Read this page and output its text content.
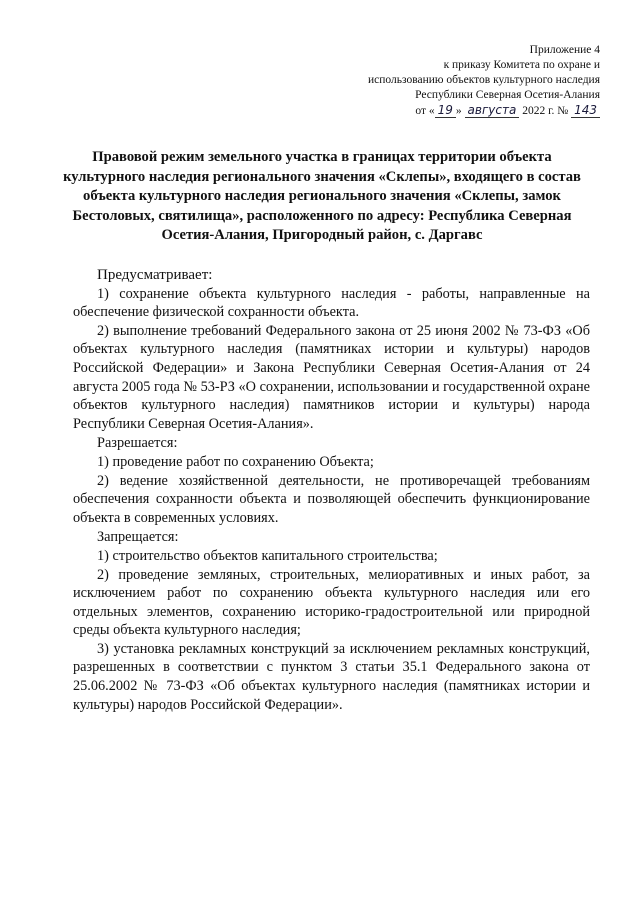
Приложение 4
к приказу Комитета по охране и
использованию объектов культурного наследия
Республики Северная Осетия-Алания
от « 19 » августа 2022 г. № 143
Правовой режим земельного участка в границах территории объекта культурного наследия регионального значения «Склепы», входящего в состав объекта культурного наследия регионального значения «Склепы, замок Бестоловых, святилища», расположенного по адресу: Республика Северная Осетия-Алания, Пригородный район, с. Даргавс

Предусматривает:

1) сохранение объекта культурного наследия - работы, направленные на обеспечение физической сохранности объекта.

2) выполнение требований Федерального закона от 25 июня 2002 № 73-ФЗ «Об объектах культурного наследия (памятниках истории и культуры) народов Российской Федерации» и Закона Республики Северная Осетия-Алания от 24 августа 2005 года № 53-РЗ «О сохранении, использовании и государственной охране объектов культурного наследия) памятников истории и культуры) народа Республики Северная Осетия-Алания».

Разрешается:

1) проведение работ по сохранению Объекта;

2) ведение хозяйственной деятельности, не противоречащей требованиям обеспечения сохранности объекта и позволяющей обеспечить функционирование объекта в современных условиях.

Запрещается:

1) строительство объектов капитального строительства;

2) проведение земляных, строительных, мелиоративных и иных работ, за исключением работ по сохранению объекта культурного наследия или его отдельных элементов, сохранению историко-градостроительной или природной среды объекта культурного наследия;

3) установка рекламных конструкций за исключением рекламных конструкций, разрешенных в соответствии с пунктом 3 статьи 35.1 Федерального закона от 25.06.2002 № 73-ФЗ «Об объектах культурного наследия (памятниках истории и культуры) народов Российской Федерации».
